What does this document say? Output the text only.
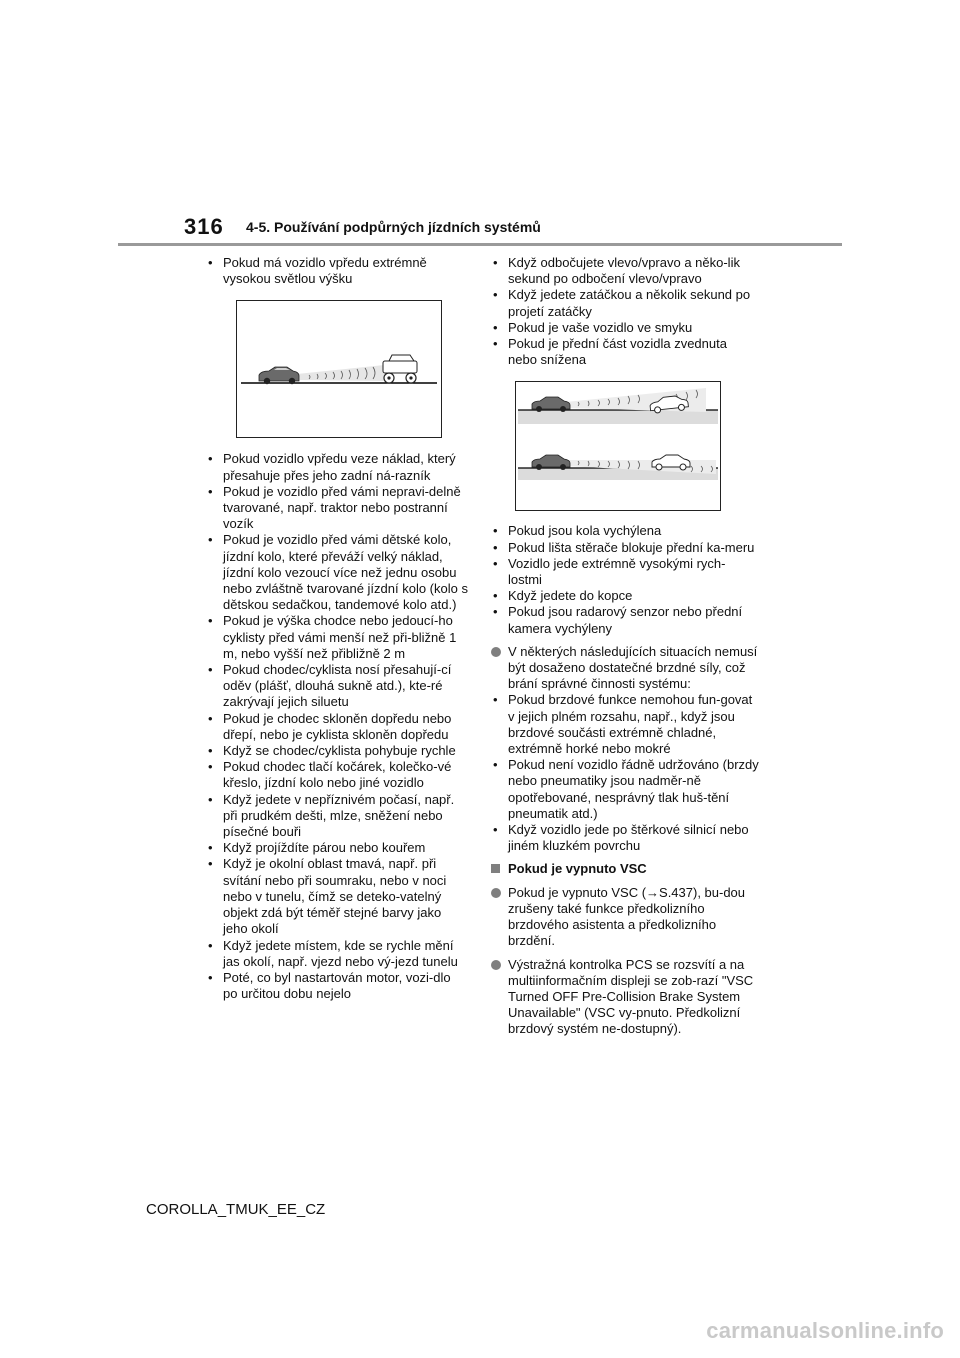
316 4-5. Používání podpůrných jízdních systémů
• Pokud má vozidlo vpředu extrémně vysokou světlou výšku
• Pokud vozidlo vpředu veze náklad, který přesahuje přes jeho zadní ná-razník
• Pokud je vozidlo před vámi nepravi-delně tvarované, např. traktor nebo postranní vozík
• Pokud je vozidlo před vámi dětské kolo, jízdní kolo, které převáží velký náklad, jízdní kolo vezoucí více než jednu osobu nebo zvláštně tvarované jízdní kolo (kolo s dětskou sedačkou, tandemové kolo atd.)
• Pokud je výška chodce nebo jedoucí-ho cyklisty před vámi menší než při-bližně 1 m, nebo vyšší než přibližně 2 m
• Pokud chodec/cyklista nosí přesahují-cí oděv (plášť, dlouhá sukně atd.), kte-ré zakrývají jejich siluetu
• Pokud je chodec skloněn dopředu nebo dřepí, nebo je cyklista skloněn dopředu
• Když se chodec/cyklista pohybuje rychle
• Pokud chodec tlačí kočárek, kolečko-vé křeslo, jízdní kolo nebo jiné vozidlo
• Když jedete v nepříznivém počasí, např. při prudkém dešti, mlze, sněžení nebo písečné bouři
• Když projíždíte párou nebo kouřem
• Když je okolní oblast tmavá, např. při svítání nebo při soumraku, nebo v noci nebo v tunelu, čímž se deteko-vatelný objekt zdá být téměř stejné barvy jako jeho okolí
• Když jedete místem, kde se rychle mění jas okolí, např. vjezd nebo vý-jezd tunelu
• Poté, co byl nastartován motor, vozi-dlo po určitou dobu nejelo
• Když odbočujete vlevo/vpravo a něko-lik sekund po odbočení vlevo/vpravo
• Když jedete zatáčkou a několik sekund po projetí zatáčky
• Pokud je vaše vozidlo ve smyku
• Pokud je přední část vozidla zvednuta nebo snížena
• Pokud jsou kola vychýlena
• Pokud lišta stěrače blokuje přední ka-meru
• Vozidlo jede extrémně vysokými rych-lostmi
• Když jedete do kopce
• Pokud jsou radarový senzor nebo přední kamera vychýleny
V některých následujících situacích nemusí být dosaženo dostatečné brzdné síly, což brání správné činnosti systému:
• Pokud brzdové funkce nemohou fun-govat v jejich plném rozsahu, např., když jsou brzdové součásti extrémně chladné, extrémně horké nebo mokré
• Pokud není vozidlo řádně udržováno (brzdy nebo pneumatiky jsou nadměr-ně opotřebované, nesprávný tlak huš-tění pneumatik atd.)
• Když vozidlo jede po štěrkové silnicí nebo jiném kluzkém povrchu
Pokud je vypnuto VSC
Pokud je vypnuto VSC (→S.437), bu-dou zrušeny také funkce předkolizního brzdového asistenta a předkolizního brzdění.
Výstražná kontrolka PCS se rozsvítí a na multiinformačním displeji se zob-razí "VSC Turned OFF Pre-Collision Brake System Unavailable" (VSC vy-pnuto. Předkolizní brzdový systém ne-dostupný).
COROLLA_TMUK_EE_CZ
carmanualsonline.info
